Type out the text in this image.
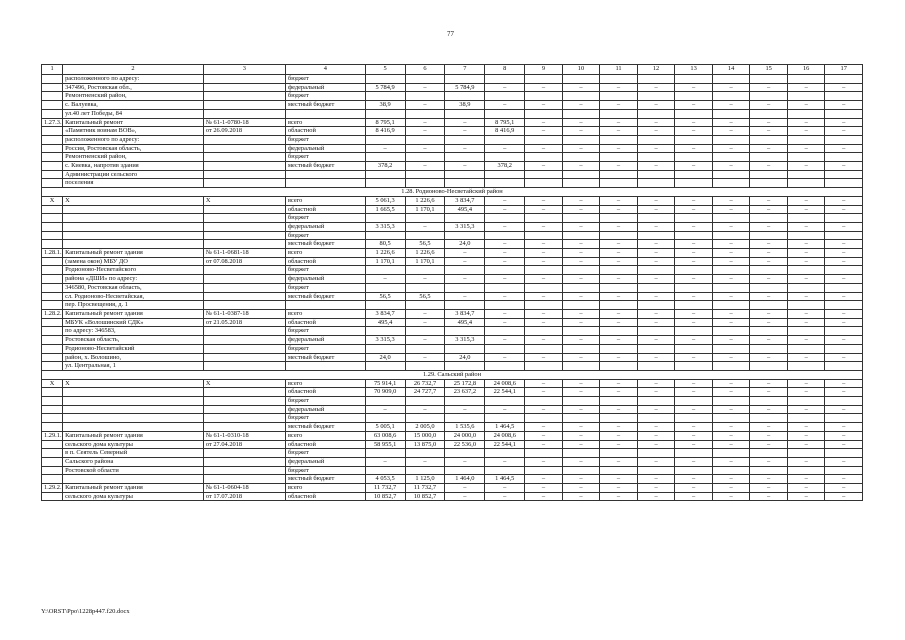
77
1	2	3	4	5	6	7	8	9	10	11	12	13	14	15	16	17
	расположенного по адресу:		бюджет													
	347496, Ростовская обл.,		федеральный	5 784,9	–	5 784,9	–	–	–	–	–	–	–	–	–	–
	Ремонтненский район,		бюджет													
	с. Валуевка,		местный бюджет	38,9	–	38,9	–	–	–	–	–	–	–	–	–	–
	ул.40 лет Победы, 84															
1.27.3.	Капитальный ремонт	№ 61-1-0780-18	всего	8 795,1	–	–	8 795,1	–	–	–	–	–	–	–	–	–
	«Памятник воинам ВОВ»,	от 26.09.2018	областной	8 416,9	–	–	8 416,9	–	–	–	–	–	–	–	–	–
	расположенного по адресу:		бюджет													
	Россия, Ростовская область,		федеральный	–	–	–	–	–	–	–	–	–	–	–	–	–
	Ремонтненский район,		бюджет													
	с. Киевка, напротив здания		местный бюджет	378,2	–	–	378,2	–	–	–	–	–	–	–	–	–
	Администрации сельского															
	поселения															
1.28. Родионово-Несветайский район																
Х	Х	Х	всего	5 061,3	1 226,6	3 834,7	–	–	–	–	–	–	–	–	–	–
			областной	1 665,5	1 170,1	495,4	–	–	–	–	–	–	–	–	–	–
			бюджет													
			федеральный	3 315,3	–	3 315,3	–	–	–	–	–	–	–	–	–	–
			бюджет													
			местный бюджет	80,5	56,5	24,0	–	–	–	–	–	–	–	–	–	–
1.28.1.	Капитальный ремонт здания	№ 61-1-0681-18	всего	1 226,6	1 226,6	–	–	–	–	–	–	–	–	–	–	–
	(замена окон) МБУ ДО	от 07.08.2018	областной	1 170,1	1 170,1	–	–	–	–	–	–	–	–	–	–	–
	Родионово-Несветайского		бюджет													
	района «ДШИ» по адресу:		федеральный	–	–	–	–	–	–	–	–	–	–	–	–	–
	346580, Ростовская область,		бюджет													
	сл. Родионово-Несветайская,		местный бюджет	56,5	56,5	–	–	–	–	–	–	–	–	–	–	–
	пер. Просвещения, д. 1															
1.28.2.	Капитальный ремонт здания	№ 61-1-0387-18	всего	3 834,7	–	3 834,7	–	–	–	–	–	–	–	–	–	–
	МБУК «Волошинский СДК»	от 21.05.2018	областной	495,4	–	495,4	–	–	–	–	–	–	–	–	–	–
	по адресу: 346583,		бюджет													
	Ростовская область,		федеральный	3 315,3	–	3 315,3	–	–	–	–	–	–	–	–	–	–
	Родионово-Несветайский		бюджет													
	район, х. Волошино,		местный бюджет	24,0	–	24,0	–	–	–	–	–	–	–	–	–	–
	ул. Центральная, 1															
1.29. Сальский район																
Х	Х	Х	всего	75 914,1	26 732,7	25 172,8	24 008,6	–	–	–	–	–	–	–	–	–
			областной	70 909,0	24 727,7	23 637,2	22 544,1	–	–	–	–	–	–	–	–	–
			бюджет													
			федеральный	–	–	–	–	–	–	–	–	–	–	–	–	–
			бюджет													
			местный бюджет	5 005,1	2 005,0	1 535,6	1 464,5	–	–	–	–	–	–	–	–	–
1.29.1.	Капитальный ремонт здания	№ 61-1-0310-18	всего	63 008,6	15 000,0	24 000,0	24 008,6	–	–	–	–	–	–	–	–	–
	сельского дома культуры	от 27.04.2018	областной	58 955,1	13 875,0	22 536,0	22 544,1	–	–	–	–	–	–	–	–	–
	в п. Сеятель Северный		бюджет													
	Сальского района		федеральный	–	–	–	–	–	–	–	–	–	–	–	–	–
	Ростовской области		бюджет													
			местный бюджет	4 053,5	1 125,0	1 464,0	1 464,5	–	–	–	–	–	–	–	–	–
1.29.2.	Капитальный ремонт здания	№ 61-1-0604-18	всего	11 732,7	11 732,7	–	–	–	–	–	–	–	–	–	–	–
	сельского дома культуры	от 17.07.2018	областной	10 852,7	10 852,7	–	–	–	–	–	–	–	–	–	–	–
Y:\ORST\Ppo\1228p447.f20.docx
